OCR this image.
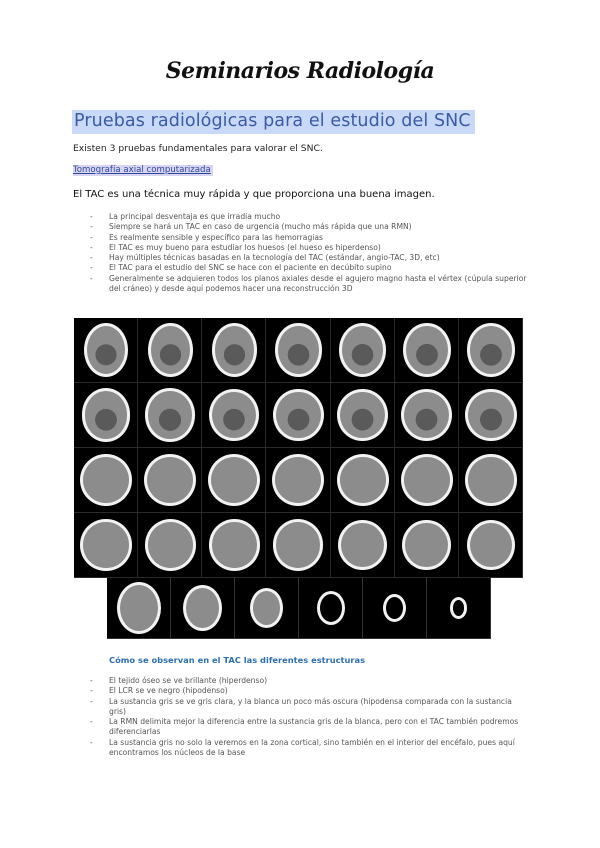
Seminarios Radiología
Pruebas radiológicas para el estudio del SNC
Existen 3 pruebas fundamentales para valorar el SNC.
Tomografía axial computarizada
El TAC es una técnica muy rápida y que proporciona una buena imagen.
- La principal desventaja es que irradia mucho
- Siempre se hará un TAC en caso de urgencia (mucho más rápida que una RMN)
- Es realmente sensible y específico para las hemorragias
- El TAC es muy bueno para estudiar los huesos (el hueso es hiperdenso)
- Hay múltiples técnicas basadas en la tecnología del TAC (estándar, angio-TAC, 3D, etc)
- El TAC para el estudio del SNC se hace con el paciente en decúbito supino
- Generalmente se adquieren todos los planos axiales desde el agujero magno hasta el vértex (cúpula superior del cráneo) y desde aquí podemos hacer una reconstrucción 3D
Cómo se observan en el TAC las diferentes estructuras
- El tejido óseo se ve brillante (hiperdenso)
- El LCR se ve negro (hipodenso)
- La sustancia gris se ve gris clara, y la blanca un poco más oscura (hipodensa comparada con la sustancia gris)
- La RMN delimita mejor la diferencia entre la sustancia gris de la blanca, pero con el TAC también podremos diferenciarlas
- La sustancia gris no solo la veremos en la zona cortical, sino también en el interior del encéfalo, pues aquí encontramos los núcleos de la base
